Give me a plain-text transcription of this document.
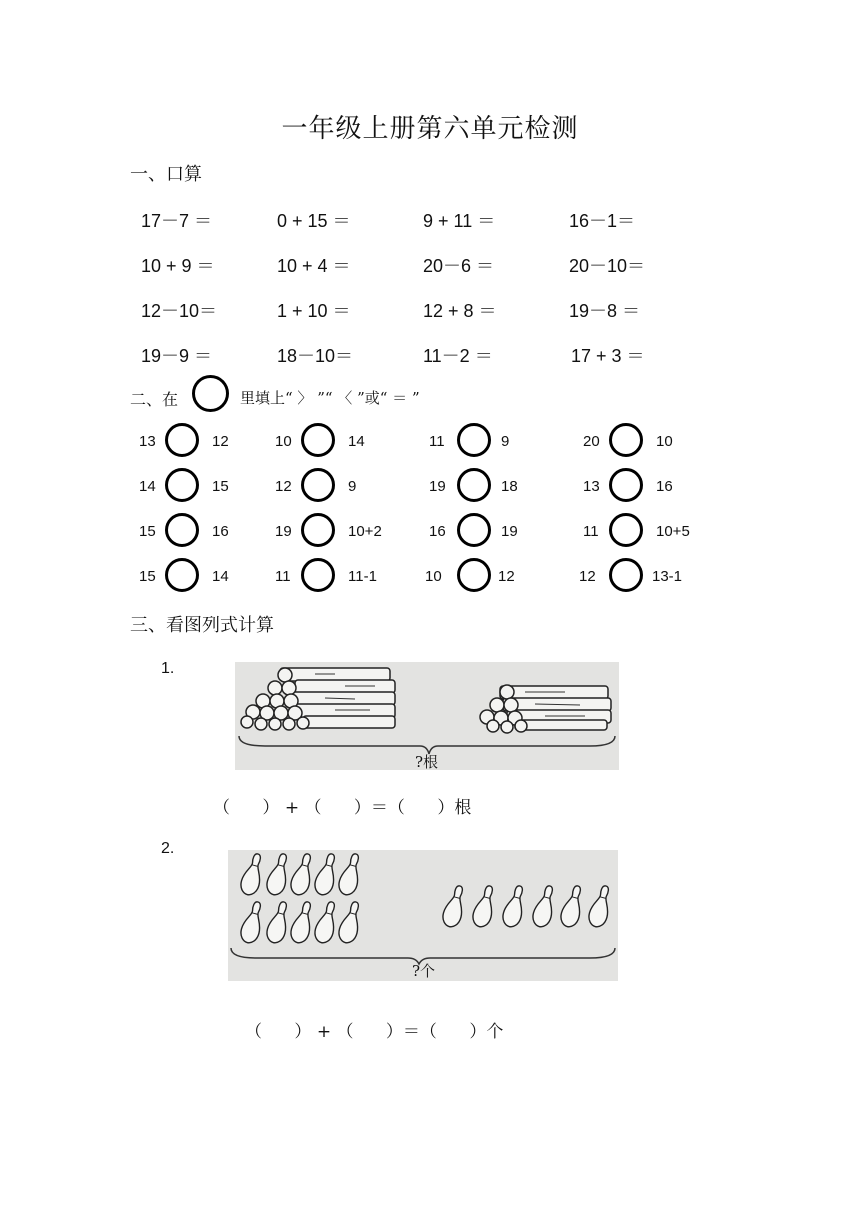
一年级上册第六单元检测
一、口算
17－7 ＝	0 + 15 ＝	9 + 11 ＝	16－1＝
10 + 9 ＝	10 + 4 ＝	20－6 ＝	20－10＝
12－10＝	1 + 10 ＝	12 + 8 ＝	19－8 ＝
19－9 ＝	18－10＝	11－2 ＝	17 + 3 ＝
二、在	里填上“ 〉 ”“ 〈 ”或“ ＝ ”
13	12	10	14	11	9	20	10
14	15	12	9	19	18	13	16
15	16	19	10+2	16	19	11	10+5
15	14	11	11-1	10	12	12	13-1
三、看图列式计算
1.
?根
（      ） + （      ）＝（      ）根
2.
?个
（      ） + （      ）＝（      ）个
